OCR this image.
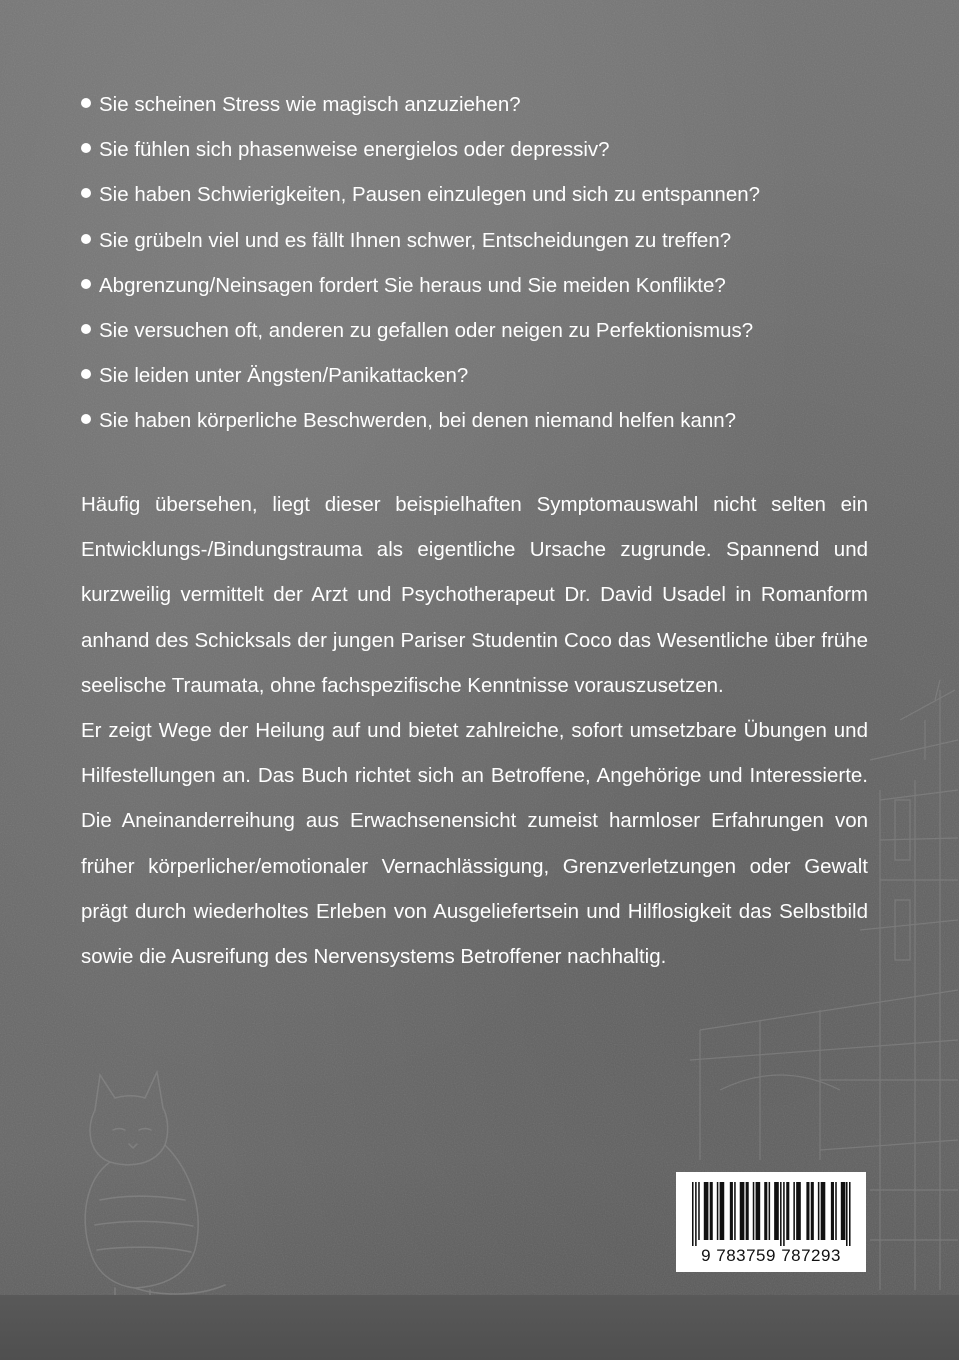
Sie scheinen Stress wie magisch anzuziehen?
Sie fühlen sich phasenweise energielos oder depressiv?
Sie haben Schwierigkeiten, Pausen einzulegen und sich zu entspannen?
Sie grübeln viel und es fällt Ihnen schwer, Entscheidungen zu treffen?
Abgrenzung/Neinsagen fordert Sie heraus und Sie meiden Konflikte?
Sie versuchen oft, anderen zu gefallen oder neigen zu Perfektionismus?
Sie leiden unter Ängsten/Panikattacken?
Sie haben körperliche Beschwerden, bei denen niemand helfen kann?

Häufig übersehen, liegt dieser beispielhaften Symptomauswahl nicht selten ein Entwicklungs-/Bindungstrauma als eigentliche Ursache zugrunde. Spannend und kurzweilig vermittelt der Arzt und Psychotherapeut Dr. David Usadel in Romanform anhand des Schicksals der jungen Pariser Studentin Coco das Wesentliche über frühe seelische Traumata, ohne fachspezifische Kenntnisse vorauszusetzen.

Er zeigt Wege der Heilung auf und bietet zahlreiche, sofort umsetzbare Übungen und Hilfestellungen an. Das Buch richtet sich an Betroffene, Angehörige und Interessierte. Die Aneinanderreihung aus Erwachsenensicht zumeist harmloser Erfahrungen von früher körperlicher/emotionaler Vernachlässigung, Grenzverletzungen oder Gewalt prägt durch wiederholtes Erleben von Ausgeliefertsein und Hilflosigkeit das Selbstbild sowie die Ausreifung des Nervensystems Betroffener nachhaltig.

9 783759 787293
